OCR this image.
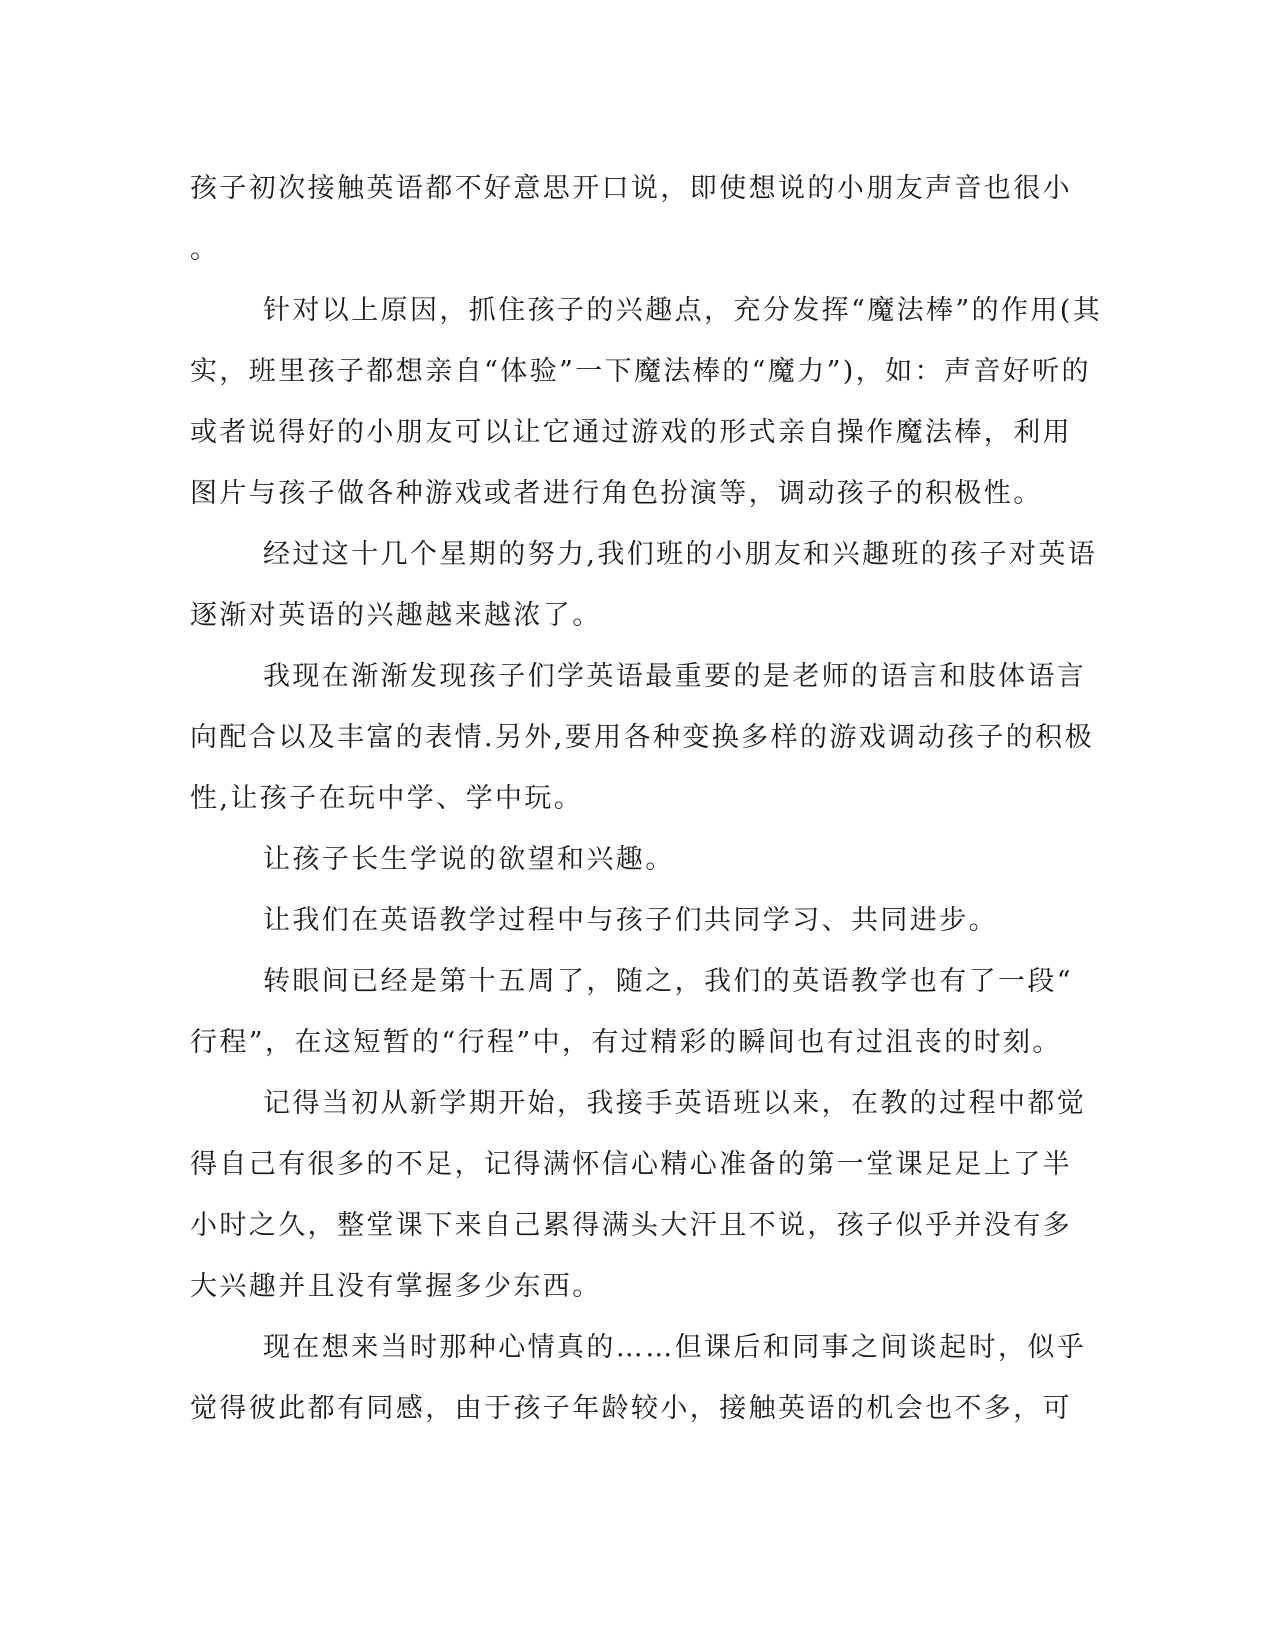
孩子初次接触英语都不好意思开口说，即使想说的小朋友声音也很小
。
针对以上原因，抓住孩子的兴趣点，充分发挥“魔法棒”的作用(其
实，班里孩子都想亲自“体验”一下魔法棒的“魔力”)，如：声音好听的
或者说得好的小朋友可以让它通过游戏的形式亲自操作魔法棒，利用
图片与孩子做各种游戏或者进行角色扮演等，调动孩子的积极性。
经过这十几个星期的努力,我们班的小朋友和兴趣班的孩子对英语
逐渐对英语的兴趣越来越浓了。
我现在渐渐发现孩子们学英语最重要的是老师的语言和肢体语言
向配合以及丰富的表情.另外,要用各种变换多样的游戏调动孩子的积极
性,让孩子在玩中学、学中玩。
让孩子长生学说的欲望和兴趣。
让我们在英语教学过程中与孩子们共同学习、共同进步。
转眼间已经是第十五周了，随之，我们的英语教学也有了一段“
行程”，在这短暂的“行程”中，有过精彩的瞬间也有过沮丧的时刻。
记得当初从新学期开始，我接手英语班以来，在教的过程中都觉
得自己有很多的不足，记得满怀信心精心准备的第一堂课足足上了半
小时之久，整堂课下来自己累得满头大汗且不说，孩子似乎并没有多
大兴趣并且没有掌握多少东西。
现在想来当时那种心情真的……但课后和同事之间谈起时，似乎
觉得彼此都有同感，由于孩子年龄较小，接触英语的机会也不多，可
